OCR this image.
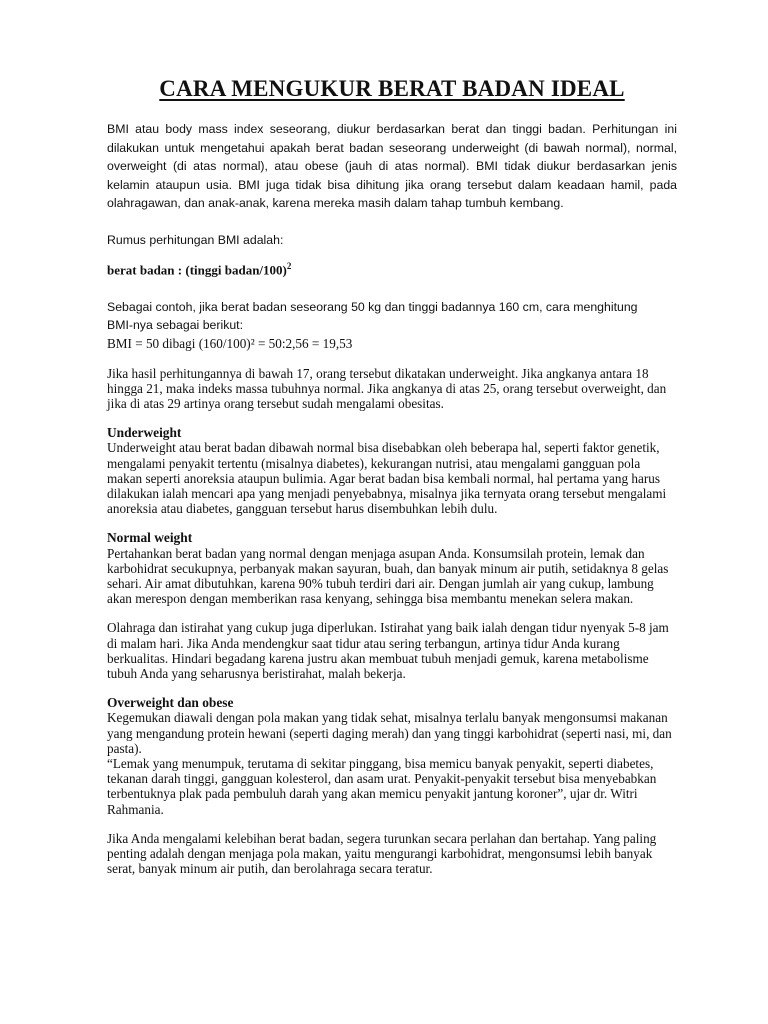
CARA MENGUKUR BERAT BADAN IDEAL

BMI atau body mass index seseorang, diukur berdasarkan berat dan tinggi badan. Perhitungan ini dilakukan untuk mengetahui apakah berat badan seseorang underweight (di bawah normal), normal, overweight (di atas normal), atau obese (jauh di atas normal). BMI tidak diukur berdasarkan jenis kelamin ataupun usia. BMI juga tidak bisa dihitung jika orang tersebut dalam keadaan hamil, pada olahragawan, dan anak-anak, karena mereka masih dalam tahap tumbuh kembang.

Rumus perhitungan BMI adalah:

berat badan : (tinggi badan/100)$^2$

Sebagai contoh, jika berat badan seseorang 50 kg dan tinggi badannya 160 cm, cara menghitung

BMI-nya sebagai berikut:

BMI = 50 dibagi (160/100)² = 50:2,56 = 19,53

Jika hasil perhitungannya di bawah 17, orang tersebut dikatakan underweight. Jika angkanya antara 18 hingga 21, maka indeks massa tubuhnya normal. Jika angkanya di atas 25, orang tersebut overweight, dan jika di atas 29 artinya orang tersebut sudah mengalami obesitas.

Underweight

Underweight atau berat badan dibawah normal bisa disebabkan oleh beberapa hal, seperti faktor genetik, mengalami penyakit tertentu (misalnya diabetes), kekurangan nutrisi, atau mengalami gangguan pola makan seperti anoreksia ataupun bulimia. Agar berat badan bisa kembali normal, hal pertama yang harus dilakukan ialah mencari apa yang menjadi penyebabnya, misalnya jika ternyata orang tersebut mengalami anoreksia atau diabetes, gangguan tersebut harus disembuhkan lebih dulu.

Normal weight

Pertahankan berat badan yang normal dengan menjaga asupan Anda. Konsumsilah protein, lemak dan karbohidrat secukupnya, perbanyak makan sayuran, buah, dan banyak minum air putih, setidaknya 8 gelas sehari. Air amat dibutuhkan, karena 90% tubuh terdiri dari air. Dengan jumlah air yang cukup, lambung akan merespon dengan memberikan rasa kenyang, sehingga bisa membantu menekan selera makan.

Olahraga dan istirahat yang cukup juga diperlukan. Istirahat yang baik ialah dengan tidur nyenyak 5-8 jam di malam hari. Jika Anda mendengkur saat tidur atau sering terbangun, artinya tidur Anda kurang berkualitas. Hindari begadang karena justru akan membuat tubuh menjadi gemuk, karena metabolisme tubuh Anda yang seharusnya beristirahat, malah bekerja.

Overweight dan obese

Kegemukan diawali dengan pola makan yang tidak sehat, misalnya terlalu banyak mengonsumsi makanan yang mengandung protein hewani (seperti daging merah) dan yang tinggi karbohidrat (seperti nasi, mi, dan pasta).

“Lemak yang menumpuk, terutama di sekitar pinggang, bisa memicu banyak penyakit, seperti diabetes, tekanan darah tinggi, gangguan kolesterol, dan asam urat. Penyakit-penyakit tersebut bisa menyebabkan terbentuknya plak pada pembuluh darah yang akan memicu penyakit jantung koroner”, ujar dr. Witri Rahmania.

Jika Anda mengalami kelebihan berat badan, segera turunkan secara perlahan dan bertahap. Yang paling penting adalah dengan menjaga pola makan, yaitu mengurangi karbohidrat, mengonsumsi lebih banyak serat, banyak minum air putih, dan berolahraga secara teratur.
